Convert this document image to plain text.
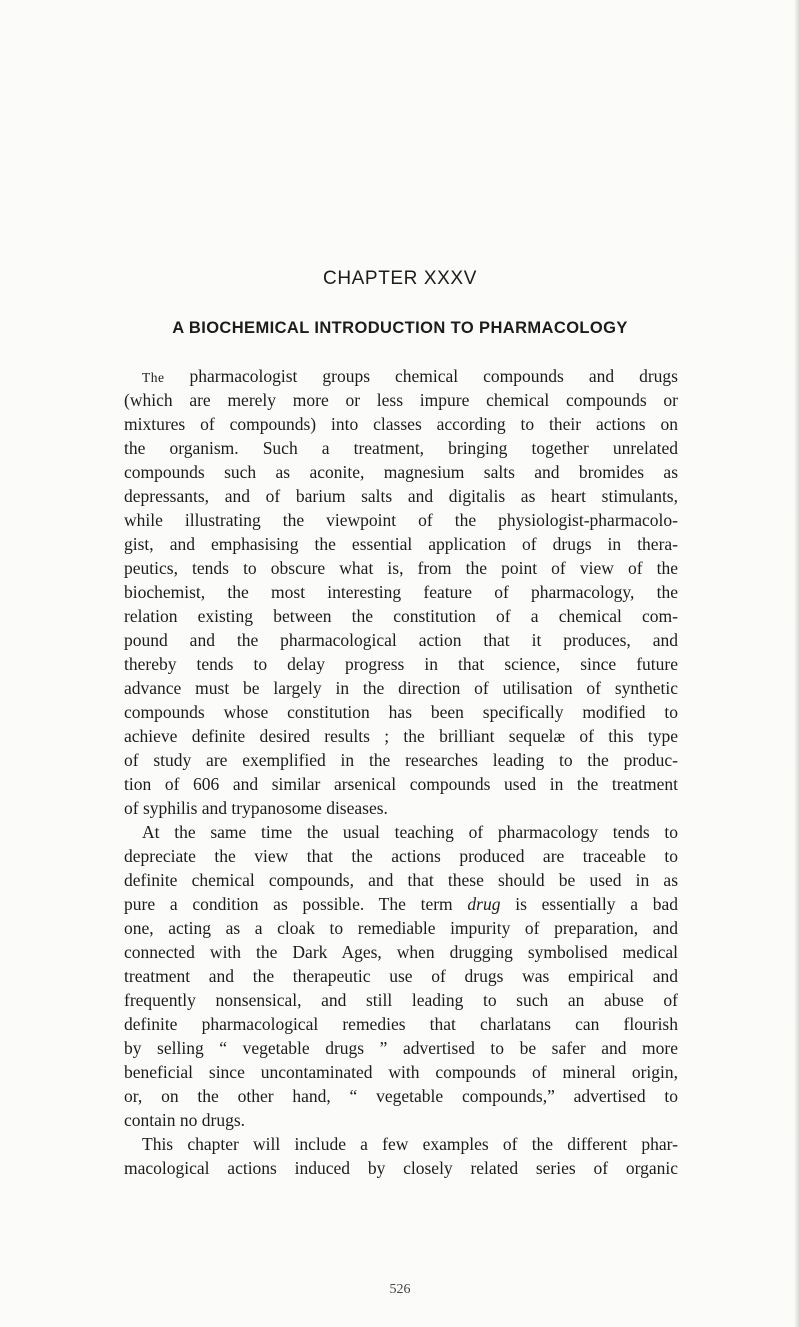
CHAPTER XXXV
A BIOCHEMICAL INTRODUCTION TO PHARMACOLOGY
The pharmacologist groups chemical compounds and drugs
(which are merely more or less impure chemical compounds or
mixtures of compounds) into classes according to their actions on
the organism. Such a treatment, bringing together unrelated
compounds such as aconite, magnesium salts and bromides as
depressants, and of barium salts and digitalis as heart stimulants,
while illustrating the viewpoint of the physiologist-pharmacolo-
gist, and emphasising the essential application of drugs in thera-
peutics, tends to obscure what is, from the point of view of the
biochemist, the most interesting feature of pharmacology, the
relation existing between the constitution of a chemical com-
pound and the pharmacological action that it produces, and
thereby tends to delay progress in that science, since future
advance must be largely in the direction of utilisation of synthetic
compounds whose constitution has been specifically modified to
achieve definite desired results ; the brilliant sequelæ of this type
of study are exemplified in the researches leading to the produc-
tion of 606 and similar arsenical compounds used in the treatment
of syphilis and trypanosome diseases.
At the same time the usual teaching of pharmacology tends to
depreciate the view that the actions produced are traceable to
definite chemical compounds, and that these should be used in as
pure a condition as possible. The term drug is essentially a bad
one, acting as a cloak to remediable impurity of preparation, and
connected with the Dark Ages, when drugging symbolised medical
treatment and the therapeutic use of drugs was empirical and
frequently nonsensical, and still leading to such an abuse of
definite pharmacological remedies that charlatans can flourish
by selling “ vegetable drugs ” advertised to be safer and more
beneficial since uncontaminated with compounds of mineral origin,
or, on the other hand, “ vegetable compounds,” advertised to
contain no drugs.
This chapter will include a few examples of the different phar-
macological actions induced by closely related series of organic
526
